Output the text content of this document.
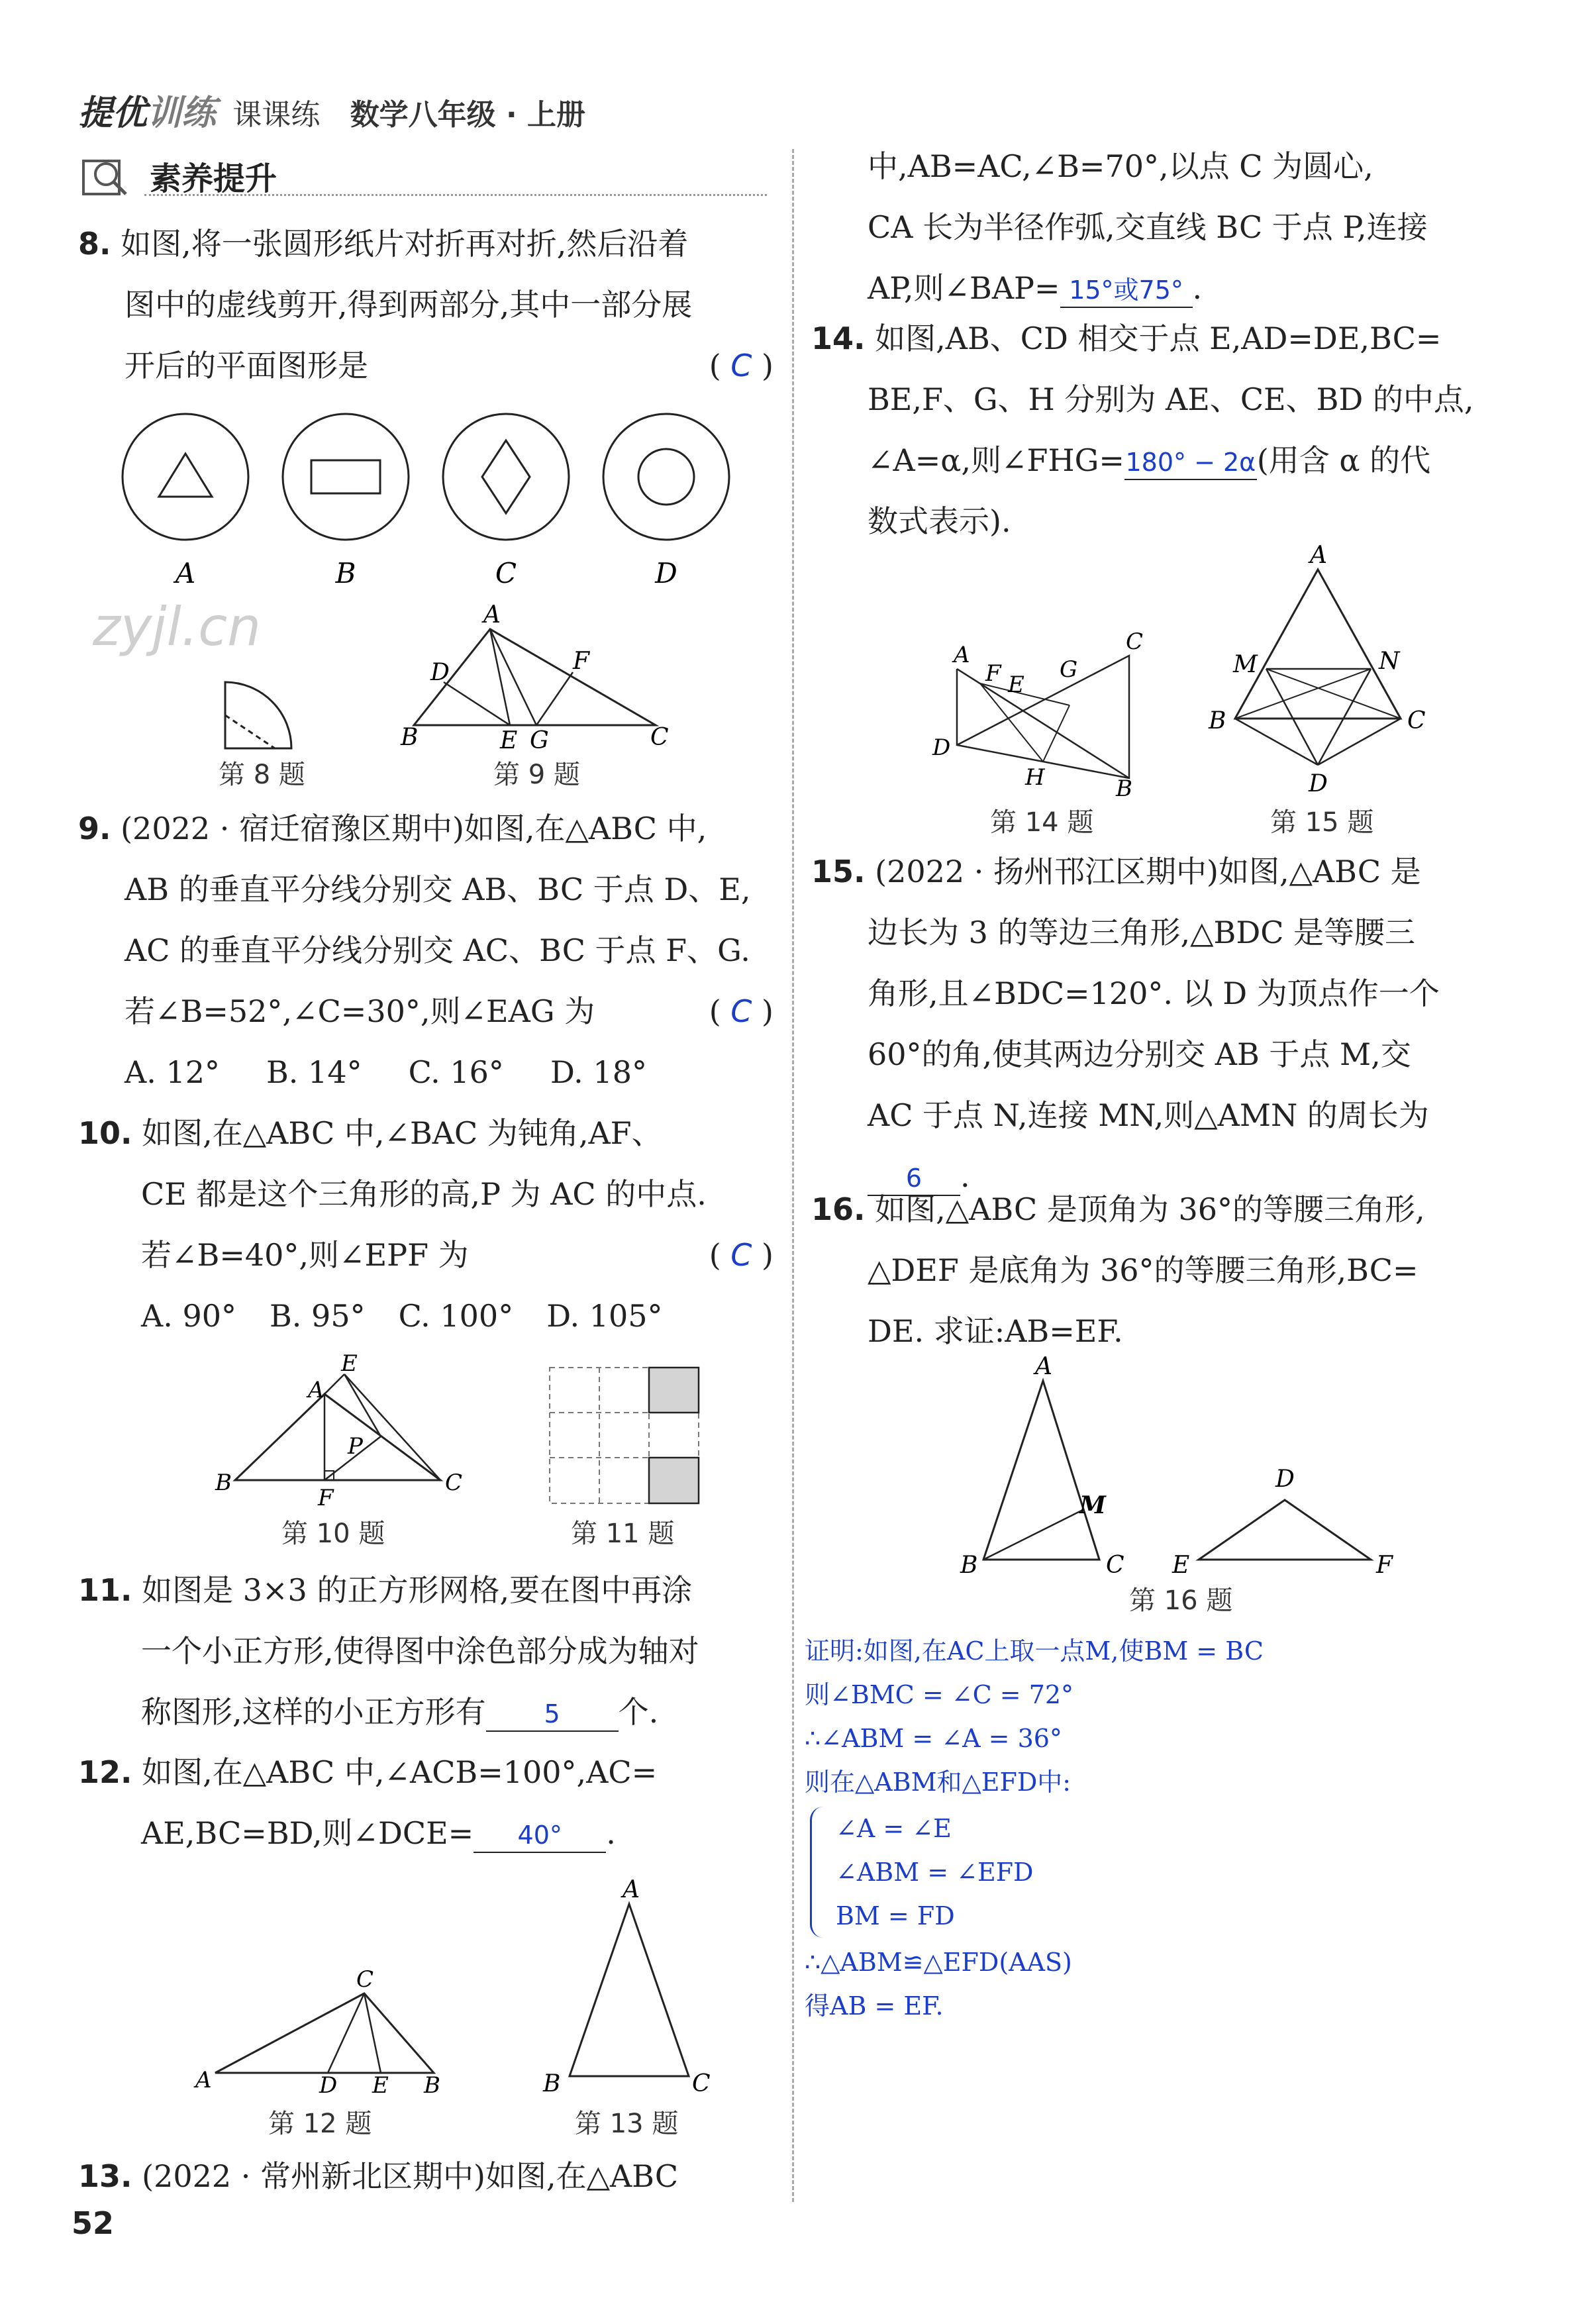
提优训练 课课练 数学八年级 · 上册
素养提升
zyjl.cn
8. 如图,将一张圆形纸片对折再对折,然后沿着
图中的虚线剪开,得到两部分,其中一部分展
开后的平面图形是	( C )
A	B	C	D
第 8 题
A
B	C
D
E
F
G
第 9 题
9. (2022 · 宿迁宿豫区期中)如图,在△ABC 中,
AB 的垂直平分线分别交 AB、BC 于点 D、E,
AC 的垂直平分线分别交 AC、BC 于点 F、G.
若∠B=52°,∠C=30°,则∠EAG 为	( C )
A. 12° B. 14° C. 16° D. 18°
10. 如图,在△ABC 中,∠BAC 为钝角,AF、
CE 都是这个三角形的高,P 为 AC 的中点.
若∠B=40°,则∠EPF 为	( C )
A. 90° B. 95° C. 100° D. 105°
A
E
P
B
F
C
第 10 题	第 11 题
11. 如图是 3×3 的正方形网格,要在图中再涂
一个小正方形,使得图中涂色部分成为轴对
称图形,这样的小正方形有 5 个.
12. 如图,在△ABC 中,∠ACB=100°,AC=
AE,BC=BD,则∠DCE= 40° .
C
A	D E B
第 12 题
A
B	C
第 13 题
13. (2022 · 常州新北区期中)如图,在△ABC
52
中,AB=AC,∠B=70°,以点 C 为圆心,
CA 长为半径作弧,交直线 BC 于点 P,连接
AP,则∠BAP= 15°或75° .
14. 如图,AB、CD 相交于点 E,AD=DE,BC=
BE,F、G、H 分别为 AE、CE、BD 的中点,
∠A=α,则∠FHG=180° − 2α(用含 α 的代
数式表示).
A
F E
G
C
D
H	B
第 14 题
A
M	N
B	C
D
第 15 题
15. (2022 · 扬州邗江区期中)如图,△ABC 是
边长为 3 的等边三角形,△BDC 是等腰三
角形,且∠BDC=120°. 以 D 为顶点作一个
60°的角,使其两边分别交 AB 于点 M,交
AC 于点 N,连接 MN,则△AMN 的周长为
6 .
16. 如图,△ABC 是顶角为 36°的等腰三角形,
△DEF 是底角为 36°的等腰三角形,BC=
DE. 求证:AB=EF.
A
M
B	C
D
E	F
第 16 题
证明:如图,在AC上取一点M,使BM = BC
则∠BMC = ∠C = 72°
∴∠ABM = ∠A = 36°
则在△ABM和△EFD中:
∠A = ∠E
∠ABM = ∠EFD
BM = FD
∴△ABM≌△EFD(AAS)
得AB = EF.
